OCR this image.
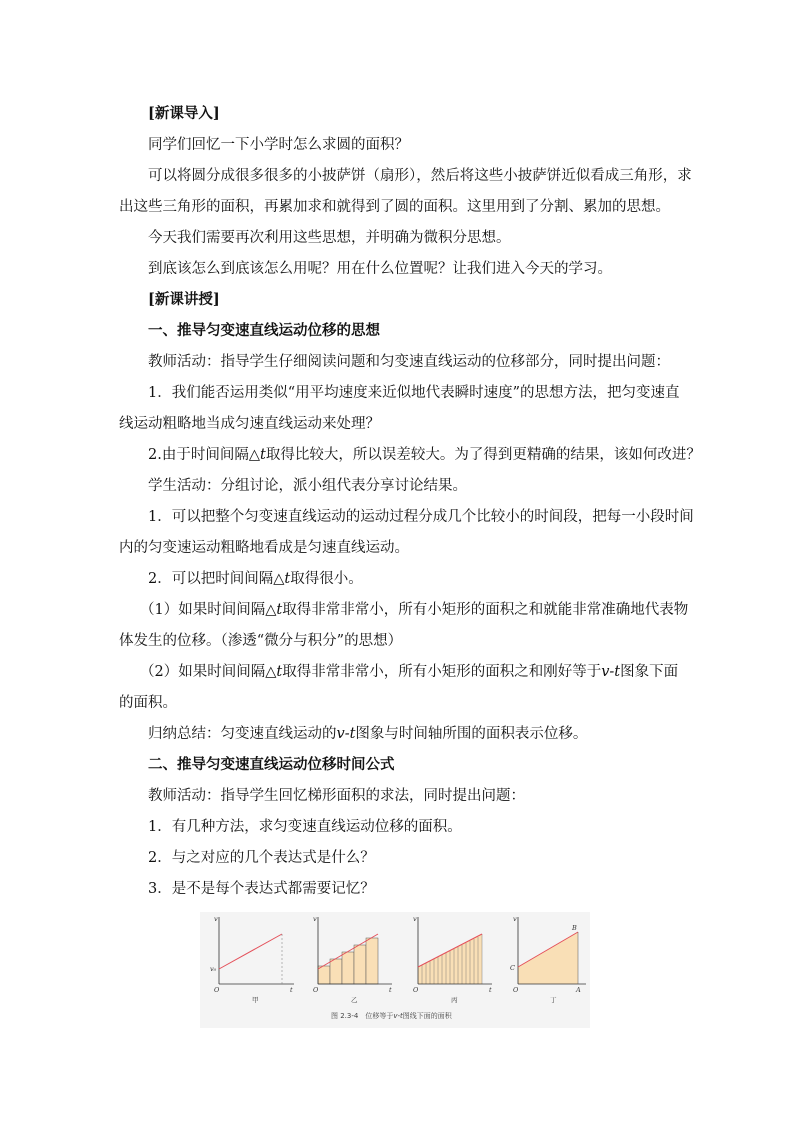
[新课导入]
同学们回忆一下小学时怎么求圆的面积？
可以将圆分成很多很多的小披萨饼（扇形），然后将这些小披萨饼近似看成三角形，求
出这些三角形的面积，再累加求和就得到了圆的面积。这里用到了分割、累加的思想。
今天我们需要再次利用这些思想，并明确为微积分思想。
到底该怎么到底该怎么用呢？用在什么位置呢？让我们进入今天的学习。
[新课讲授]
一、推导匀变速直线运动位移的思想
教师活动：指导学生仔细阅读问题和匀变速直线运动的位移部分，同时提出问题：
1．我们能否运用类似“用平均速度来近似地代表瞬时速度”的思想方法，把匀变速直
线运动粗略地当成匀速直线运动来处理？
2.由于时间间隔△t取得比较大，所以误差较大。为了得到更精确的结果，该如何改进？
学生活动：分组讨论，派小组代表分享讨论结果。
1．可以把整个匀变速直线运动的运动过程分成几个比较小的时间段，把每一小段时间
内的匀变速运动粗略地看成是匀速直线运动。
2．可以把时间间隔△t取得很小。
（1）如果时间间隔△t取得非常非常小，所有小矩形的面积之和就能非常准确地代表物
体发生的位移。（渗透“微分与积分”的思想）
（2）如果时间间隔△t取得非常非常小，所有小矩形的面积之和刚好等于v-t图象下面
的面积。
归纳总结：匀变速直线运动的v-t图象与时间轴所围的面积表示位移。
二、推导匀变速直线运动位移时间公式
教师活动：指导学生回忆梯形面积的求法，同时提出问题：
1．有几种方法，求匀变速直线运动位移的面积。
2．与之对应的几个表达式是什么？
3．是不是每个表达式都需要记忆？
v
t
O
v₀
甲
v
t
O
乙
v
t
O
丙
v
O
C
B
A
丁
图 2.3-4　位移等于v-t图线下面的面积
